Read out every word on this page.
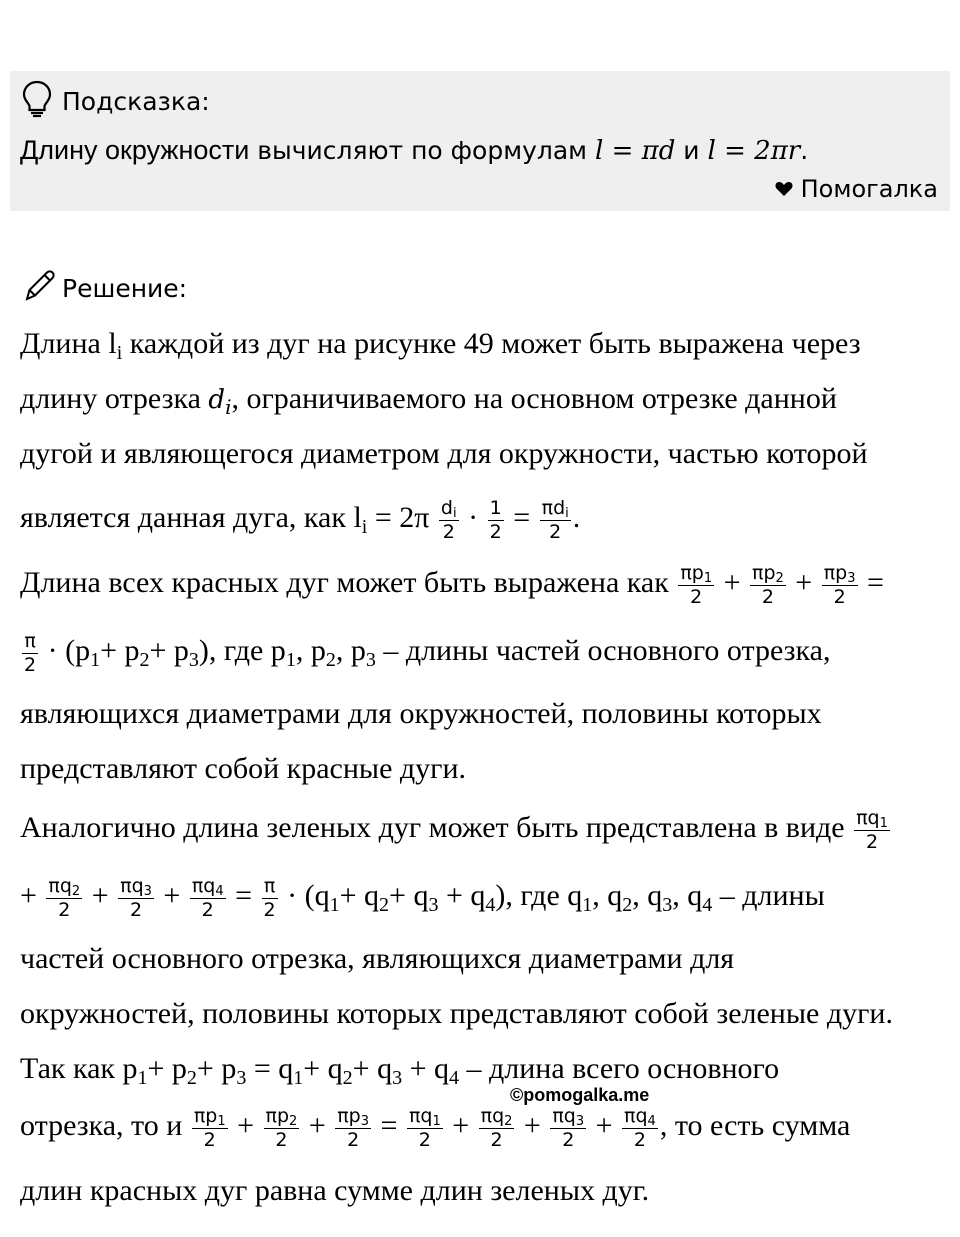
Подсказка:
Длину окружности вычисляют по формулам l = πd и l = 2πr.
Помогалка
Решение:
Длина $l_i$ каждой из дуг на рисунке 49 может быть выражена через
длину отрезка $d_i$, ограничиваемого на основном отрезке данной
дугой и являющегося диаметром для окружности, частью которой
является данная дуга, как $l_i = 2\pi \frac{d_i}{2} \cdot \frac{1}{2} = \frac{\pi d_i}{2}$ .
Длина всех красных дуг может быть выражена как $\frac{\pi p_1}{2} + \frac{\pi p_2}{2} + \frac{\pi p_3}{2}$ =
$\frac{\pi}{2} \cdot (p_1+ p_2+ p_3)$, где $p_1$, $p_2$, $p_3$ – длины частей основного отрезка,
являющихся диаметрами для окружностей, половины которых
представляют собой красные дуги.
Аналогично длина зеленых дуг может быть представлена в виде $\frac{\pi q_1}{2}$
+ $\frac{\pi q_2}{2} + \frac{\pi q_3}{2} + \frac{\pi q_4}{2} = \frac{\pi}{2} \cdot (q_1+ q_2+ q_3 + q_4)$, где $q_1$, $q_2$, $q_3$, $q_4$ – длины
частей основного отрезка, являющихся диаметрами для
окружностей, половины которых представляют собой зеленые дуги.
Так как $p_1+ p_2+ p_3 = q_1+ q_2+ q_3 + q_4$ – длина всего основного
отрезка, то и $\frac{\pi p_1}{2} + \frac{\pi p_2}{2} + \frac{\pi p_3}{2} = \frac{\pi q_1}{2} + \frac{\pi q_2}{2} + \frac{\pi q_3}{2} + \frac{\pi q_4}{2}$ , то есть сумма
длин красных дуг равна сумме длин зеленых дуг.
©pomogalka.me
